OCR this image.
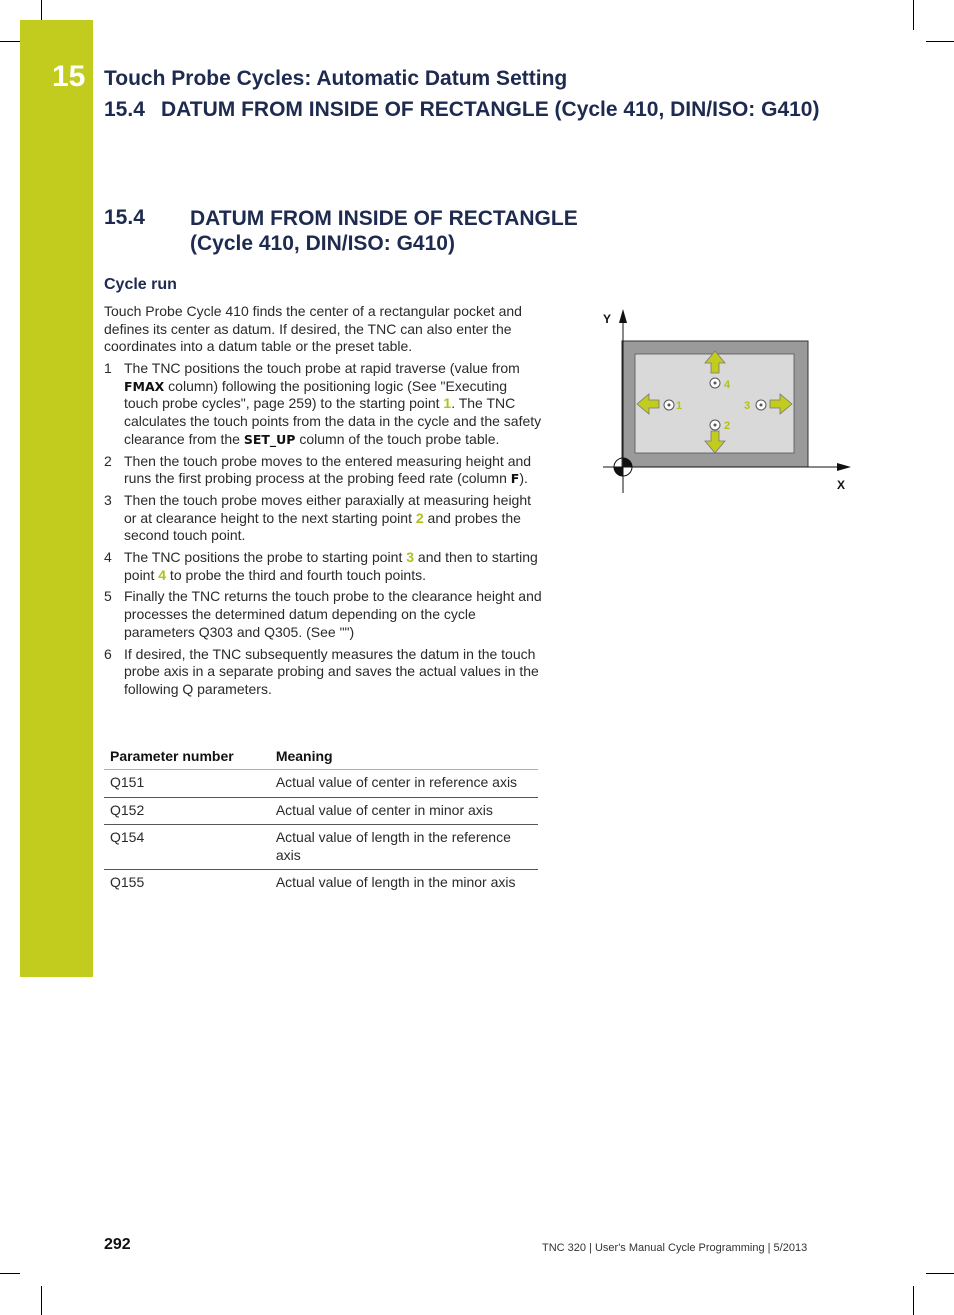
15 Touch Probe Cycles: Automatic Datum Setting
15.4 DATUM FROM INSIDE OF RECTANGLE (Cycle 410, DIN/ISO: G410)
15.4 DATUM FROM INSIDE OF RECTANGLE
(Cycle 410, DIN/ISO: G410)
Cycle run
Touch Probe Cycle 410 finds the center of a rectangular pocket and defines its center as datum. If desired, the TNC can also enter the coordinates into a datum table or the preset table.
1 The TNC positions the touch probe at rapid traverse (value from FMAX column) following the positioning logic (See "Executing touch probe cycles", page 259) to the starting point 1. The TNC calculates the touch points from the data in the cycle and the safety clearance from the SET_UP column of the touch probe table.
2 Then the touch probe moves to the entered measuring height and runs the first probing process at the probing feed rate (column F).
3 Then the touch probe moves either paraxially at measuring height or at clearance height to the next starting point 2 and probes the second touch point.
4 The TNC positions the probe to starting point 3 and then to starting point 4 to probe the third and fourth touch points.
5 Finally the TNC returns the touch probe to the clearance height and processes the determined datum depending on the cycle parameters Q303 and Q305. (See "")
6 If desired, the TNC subsequently measures the datum in the touch probe axis in a separate probing and saves the actual values in the following Q parameters.
Parameter number	Meaning
Q151	Actual value of center in reference axis
Q152	Actual value of center in minor axis
Q154	Actual value of length in the reference axis
Q155	Actual value of length in the minor axis
Y
X
1
2
3
4
292	TNC 320 | User's Manual Cycle Programming | 5/2013
